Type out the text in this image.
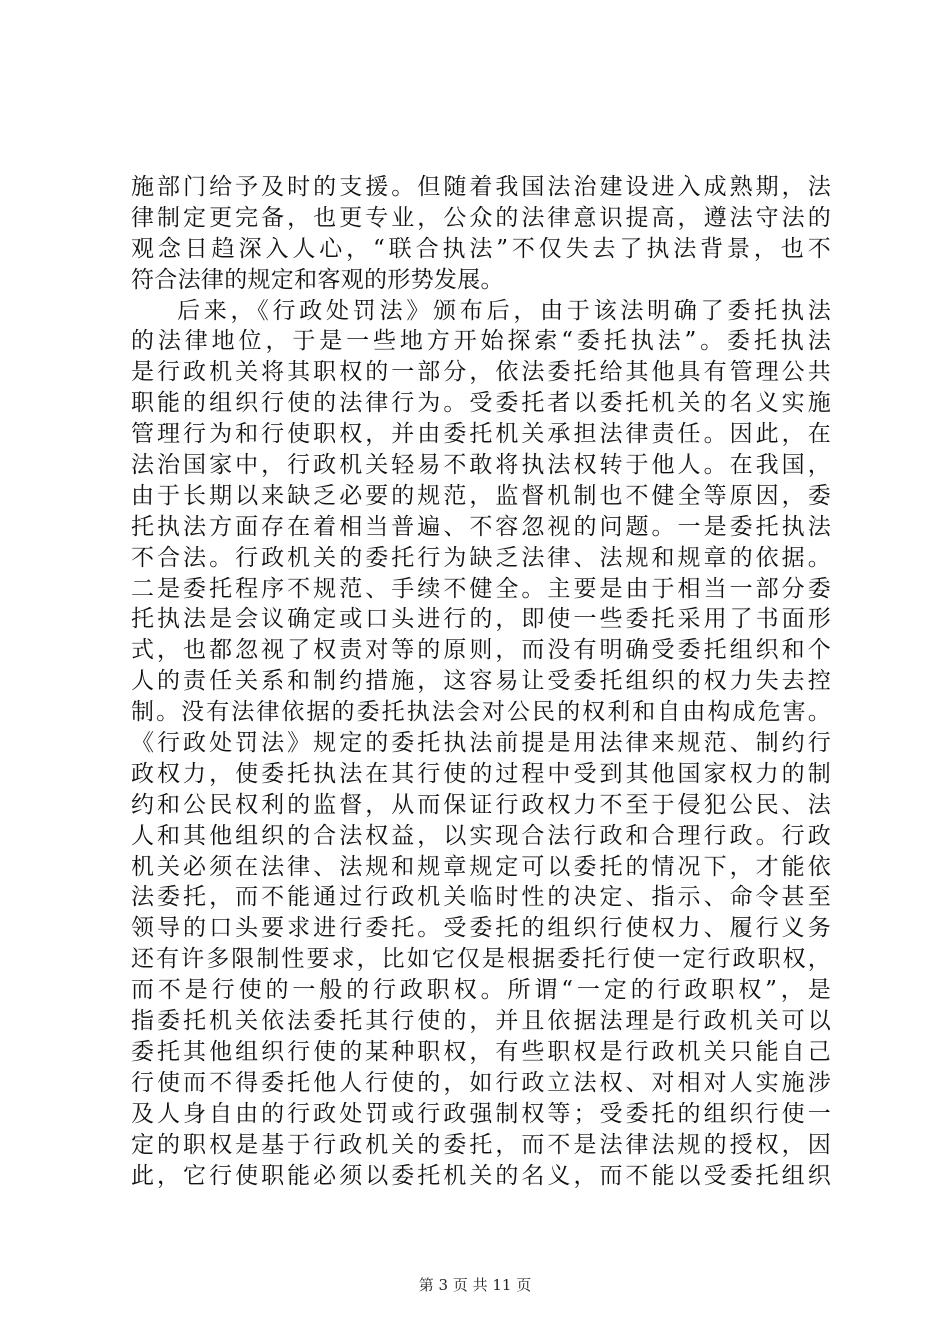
施部门给予及时的支援。但随着我国法治建设进入成熟期，法
律制定更完备，也更专业，公众的法律意识提高，遵法守法的
观念日趋深入人心，“联合执法”不仅失去了执法背景，也不
符合法律的规定和客观的形势发展。
后来，《行政处罚法》颁布后，由于该法明确了委托执法
的法律地位，于是一些地方开始探索“委托执法”。委托执法
是行政机关将其职权的一部分，依法委托给其他具有管理公共
职能的组织行使的法律行为。受委托者以委托机关的名义实施
管理行为和行使职权，并由委托机关承担法律责任。因此，在
法治国家中，行政机关轻易不敢将执法权转于他人。在我国，
由于长期以来缺乏必要的规范，监督机制也不健全等原因，委
托执法方面存在着相当普遍、不容忽视的问题。一是委托执法
不合法。行政机关的委托行为缺乏法律、法规和规章的依据。
二是委托程序不规范、手续不健全。主要是由于相当一部分委
托执法是会议确定或口头进行的，即使一些委托采用了书面形
式，也都忽视了权责对等的原则，而没有明确受委托组织和个
人的责任关系和制约措施，这容易让受委托组织的权力失去控
制。没有法律依据的委托执法会对公民的权利和自由构成危害。
《行政处罚法》规定的委托执法前提是用法律来规范、制约行
政权力，使委托执法在其行使的过程中受到其他国家权力的制
约和公民权利的监督，从而保证行政权力不至于侵犯公民、法
人和其他组织的合法权益，以实现合法行政和合理行政。行政
机关必须在法律、法规和规章规定可以委托的情况下，才能依
法委托，而不能通过行政机关临时性的决定、指示、命令甚至
领导的口头要求进行委托。受委托的组织行使权力、履行义务
还有许多限制性要求，比如它仅是根据委托行使一定行政职权，
而不是行使的一般的行政职权。所谓“一定的行政职权”，是
指委托机关依法委托其行使的，并且依据法理是行政机关可以
委托其他组织行使的某种职权，有些职权是行政机关只能自己
行使而不得委托他人行使的，如行政立法权、对相对人实施涉
及人身自由的行政处罚或行政强制权等；受委托的组织行使一
定的职权是基于行政机关的委托，而不是法律法规的授权，因
此，它行使职能必须以委托机关的名义，而不能以受委托组织
第 3 页 共 11 页
